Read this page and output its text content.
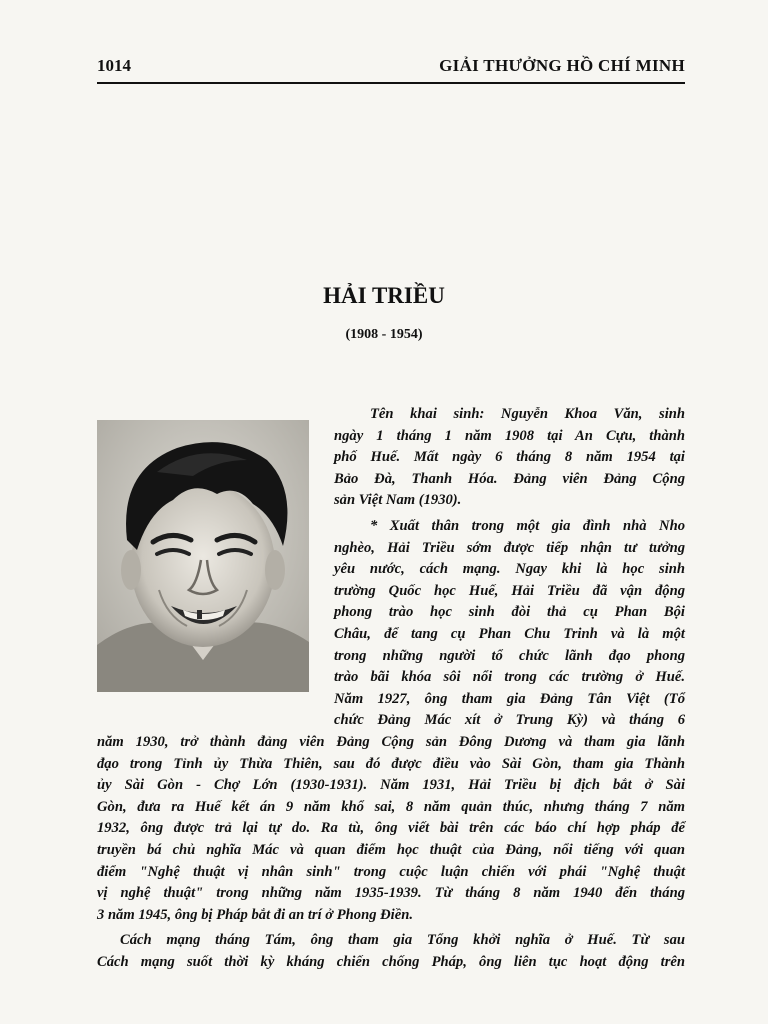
1014	GIẢI THƯỞNG HỒ CHÍ MINH
HẢI TRIỀU
(1908 - 1954)
Tên khai sinh: Nguyễn Khoa Văn, sinh
ngày 1 tháng 1 năm 1908 tại An Cựu, thành
phố Huế. Mất ngày 6 tháng 8 năm 1954 tại
Bảo Đà, Thanh Hóa. Đảng viên Đảng Cộng
sản Việt Nam (1930).
* Xuất thân trong một gia đình nhà Nho
nghèo, Hải Triều sớm được tiếp nhận tư tưởng
yêu nước, cách mạng. Ngay khi là học sinh
trường Quốc học Huế, Hải Triều đã vận động
phong trào học sinh đòi thả cụ Phan Bội
Châu, để tang cụ Phan Chu Trinh và là một
trong những người tổ chức lãnh đạo phong
trào bãi khóa sôi nổi trong các trường ở Huế.
Năm 1927, ông tham gia Đảng Tân Việt (Tổ
chức Đảng Mác xít ở Trung Kỳ) và tháng 6
năm 1930, trở thành đảng viên Đảng Cộng sản Đông Dương và tham gia lãnh
đạo trong Tỉnh ủy Thừa Thiên, sau đó được điều vào Sài Gòn, tham gia Thành
ủy Sài Gòn - Chợ Lớn (1930-1931). Năm 1931, Hải Triều bị địch bắt ở Sài
Gòn, đưa ra Huế kết án 9 năm khổ sai, 8 năm quản thúc, nhưng tháng 7 năm
1932, ông được trả lại tự do. Ra tù, ông viết bài trên các báo chí hợp pháp để
truyền bá chủ nghĩa Mác và quan điểm học thuật của Đảng, nổi tiếng với quan
điểm "Nghệ thuật vị nhân sinh" trong cuộc luận chiến với phái "Nghệ thuật
vị nghệ thuật" trong những năm 1935-1939. Từ tháng 8 năm 1940 đến tháng
3 năm 1945, ông bị Pháp bắt đi an trí ở Phong Điền.
Cách mạng tháng Tám, ông tham gia Tổng khởi nghĩa ở Huế. Từ sau
Cách mạng suốt thời kỳ kháng chiến chống Pháp, ông liên tục hoạt động trên
